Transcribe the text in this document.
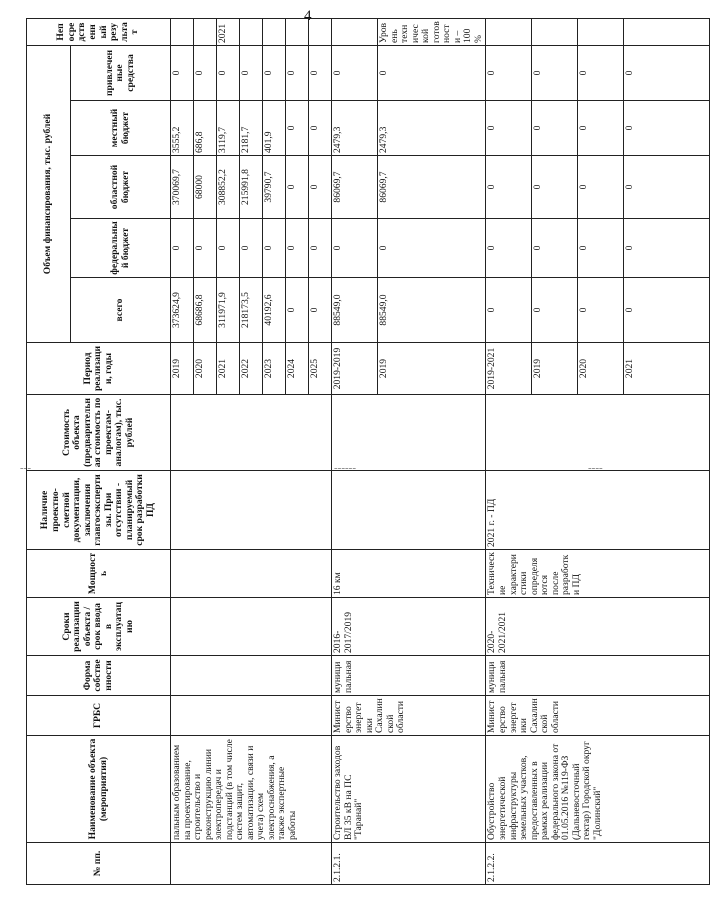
4
---	------	----
№ пп.	Наименование объекта (мероприятия)	ГРБС	Форма собственности	Сроки реализации объекта / срок ввода в эксплуатацию	Мощность	Наличие проектно-сметной документации, заключения главгосэкспертизы. При отсутствии - планируемый срок разработки ПД	Стоимость объекта (предварительная стоимость по проектам-аналогам), тыс. рублей	Период реализации, годы	Объем финансирования, тыс. рублей					Непосредственный результат
									всего	федеральный бюджет	областной бюджет	местный бюджет	привлеченные средства	
	пальным образованием на проектирование, строительство и реконструкцию линии электропередач и подстанций (в том числе систем защит, автоматизации, связи и учета) схем электроснабжения, а также экспертные работы							2019	373624,9	0	370069,7	3555,2	0	
								2020	68686,8	0	68000	686,8	0	
								2021	311971,9	0	308852,2	3119,7	0	2021
								2022	218173,5	0	215991,8	2181,7	0	
								2023	40192,6	0	39790,7	401,9	0	
								2024	0	0	0	0	0	
								2025	0	0	0	0	0	
2.1.2.1.	Строительство заходов ВЛ 35 кВ на ПС "Таранай"	Министерство энергетики Сахалинской области	муниципальная	2016-2017/2019	16 км			2019-2019	88549,0	0	86069,7	2479,3	0	
								2019	88549,0	0	86069,7	2479,3	0	Уровень технической готовности – 100%
2.1.2.2.	Обустройство энергетической инфраструктуры земельных участков, предоставленных в рамках реализации федерального закона от 01.05.2016 №119-ФЗ (Дальневосточный гектар) Городской округ "Долинский"	Министерство энергетики Сахалинской области	муниципальная	2020-2021/2021	Технические характеристики определяются после разработки ПД	2021 г. - ПД		2019-2021	0	0	0	0	0	
								2019	0	0	0	0	0	
								2020	0	0	0	0	0	
								2021	0	0	0	0	0	
